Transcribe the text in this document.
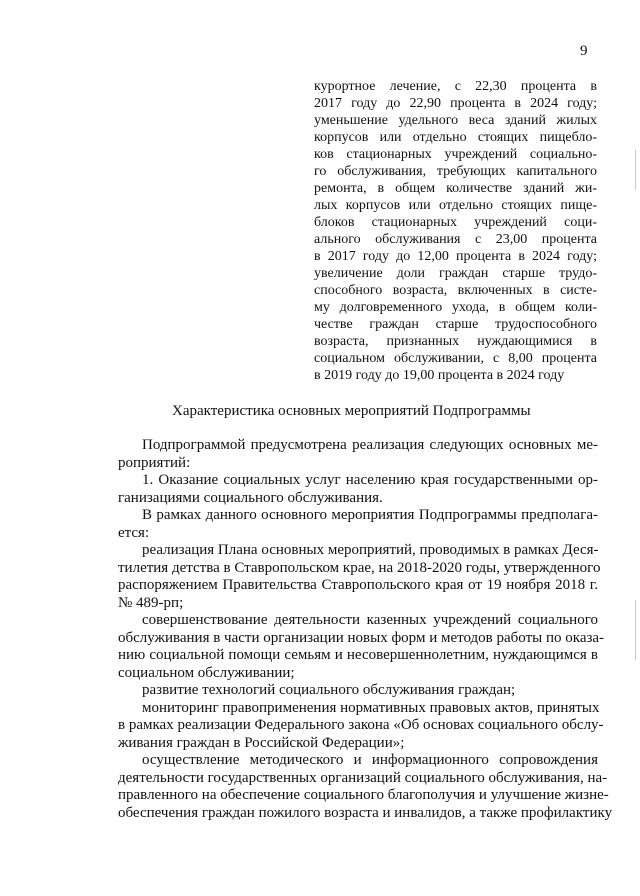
9
курортное лечение, с 22,30 процента в
2017 году до 22,90 процента в 2024 году;
уменьшение удельного веса зданий жилых
корпусов или отдельно стоящих пищебло-
ков стационарных учреждений социально-
го обслуживания, требующих капитального
ремонта, в общем количестве зданий жи-
лых корпусов или отдельно стоящих пище-
блоков стационарных учреждений соци-
ального обслуживания с 23,00 процента
в 2017 году до 12,00 процента в 2024 году;
увеличение доли граждан старше трудо-
способного возраста, включенных в систе-
му долговременного ухода, в общем коли-
честве граждан старше трудоспособного
возраста, признанных нуждающимися в
социальном обслуживании, с 8,00 процента
в 2019 году до 19,00 процента в 2024 году
Характеристика основных мероприятий Подпрограммы
Подпрограммой предусмотрена реализация следующих основных ме-
роприятий:
1. Оказание социальных услуг населению края государственными ор-
ганизациями социального обслуживания.
В рамках данного основного мероприятия Подпрограммы предполага-
ется:
реализация Плана основных мероприятий, проводимых в рамках Деся-
тилетия детства в Ставропольском крае, на 2018-2020 годы, утвержденного
распоряжением Правительства Ставропольского края от 19 ноября 2018 г.
№ 489-рп;
совершенствование деятельности казенных учреждений социального
обслуживания в части организации новых форм и методов работы по оказа-
нию социальной помощи семьям и несовершеннолетним, нуждающимся в
социальном обслуживании;
развитие технологий социального обслуживания граждан;
мониторинг правоприменения нормативных правовых актов, принятых
в рамках реализации Федерального закона «Об основах социального обслу-
живания граждан в Российской Федерации»;
осуществление методического и информационного сопровождения
деятельности государственных организаций социального обслуживания, на-
правленного на обеспечение социального благополучия и улучшение жизне-
обеспечения граждан пожилого возраста и инвалидов, а также профилактику
